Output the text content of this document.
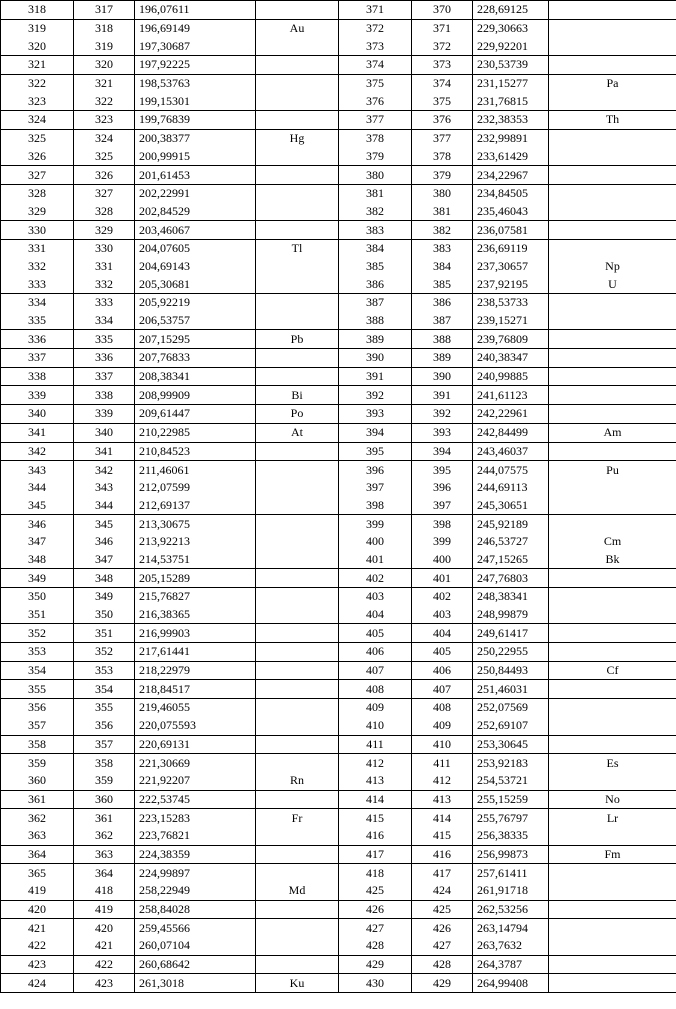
318	317	196,07611		371	370	228,69125	
319	318	196,69149	Au	372	371	229,30663	
320	319	197,30687		373	372	229,92201	
321	320	197,92225		374	373	230,53739	
322	321	198,53763		375	374	231,15277	Pa
323	322	199,15301		376	375	231,76815	
324	323	199,76839		377	376	232,38353	Th
325	324	200,38377	Hg	378	377	232,99891	
326	325	200,99915		379	378	233,61429	
327	326	201,61453		380	379	234,22967	
328	327	202,22991		381	380	234,84505	
329	328	202,84529		382	381	235,46043	
330	329	203,46067		383	382	236,07581	
331	330	204,07605	Tl	384	383	236,69119	
332	331	204,69143		385	384	237,30657	Np
333	332	205,30681		386	385	237,92195	U
334	333	205,92219		387	386	238,53733	
335	334	206,53757		388	387	239,15271	
336	335	207,15295	Pb	389	388	239,76809	
337	336	207,76833		390	389	240,38347	
338	337	208,38341		391	390	240,99885	
339	338	208,99909	Bi	392	391	241,61123	
340	339	209,61447	Po	393	392	242,22961	
341	340	210,22985	At	394	393	242,84499	Am
342	341	210,84523		395	394	243,46037	
343	342	211,46061		396	395	244,07575	Pu
344	343	212,07599		397	396	244,69113	
345	344	212,69137		398	397	245,30651	
346	345	213,30675		399	398	245,92189	
347	346	213,92213		400	399	246,53727	Cm
348	347	214,53751		401	400	247,15265	Bk
349	348	205,15289		402	401	247,76803	
350	349	215,76827		403	402	248,38341	
351	350	216,38365		404	403	248,99879	
352	351	216,99903		405	404	249,61417	
353	352	217,61441		406	405	250,22955	
354	353	218,22979		407	406	250,84493	Cf
355	354	218,84517		408	407	251,46031	
356	355	219,46055		409	408	252,07569	
357	356	220,075593		410	409	252,69107	
358	357	220,69131		411	410	253,30645	
359	358	221,30669		412	411	253,92183	Es
360	359	221,92207	Rn	413	412	254,53721	
361	360	222,53745		414	413	255,15259	No
362	361	223,15283	Fr	415	414	255,76797	Lr
363	362	223,76821		416	415	256,38335	
364	363	224,38359		417	416	256,99873	Fm
365	364	224,99897		418	417	257,61411	
419	418	258,22949	Md	425	424	261,91718	
420	419	258,84028		426	425	262,53256	
421	420	259,45566		427	426	263,14794	
422	421	260,07104		428	427	263,7632	
423	422	260,68642		429	428	264,3787	
424	423	261,3018	Ku	430	429	264,99408	
